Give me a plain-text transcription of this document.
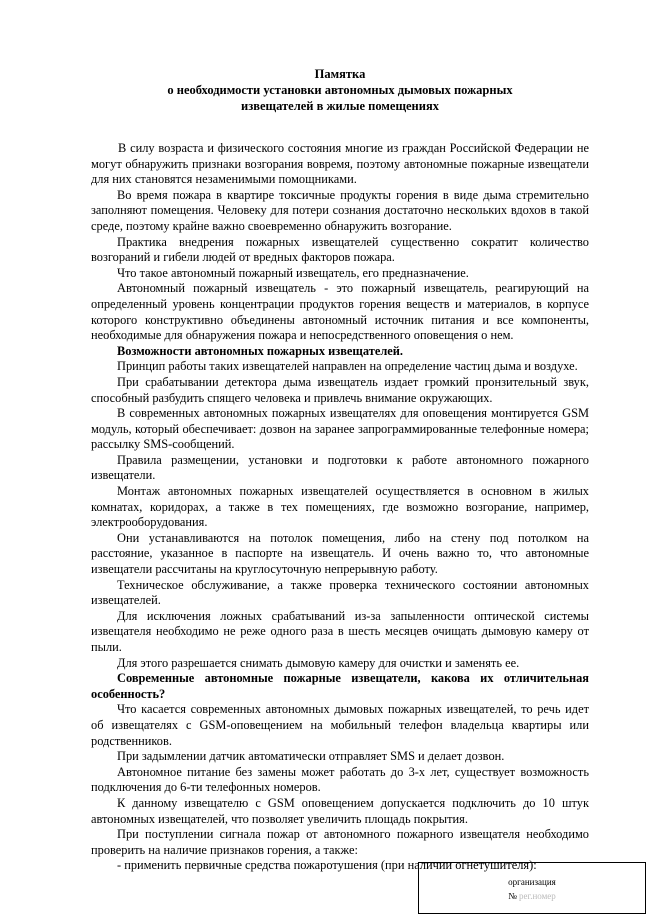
Памятка
о необходимости установки автономных дымовых пожарных
извещателей в жилые помещениях

В силу возраста и физического состояния многие из граждан Российской Федерации не могут обнаружить признаки возгорания вовремя, поэтому автономные пожарные извещатели для них становятся незаменимыми помощниками.

Во время пожара в квартире токсичные продукты горения в виде дыма стремительно заполняют помещения. Человеку для потери сознания достаточно нескольких вдохов в такой среде, поэтому крайне важно своевременно обнаружить возгорание.

Практика внедрения пожарных извещателей существенно сократит количество возгораний и гибели людей от вредных факторов пожара.

Что такое автономный пожарный извещатель, его предназначение.

Автономный пожарный извещатель - это пожарный извещатель, реагирующий на определенный уровень концентрации продуктов горения веществ и материалов, в корпусе которого конструктивно объединены автономный источник питания и все компоненты, необходимые для обнаружения пожара и непосредственного оповещения о нем.

Возможности автономных пожарных извещателей.

Принцип работы таких извещателей направлен на определение частиц дыма и воздухе.

При срабатывании детектора дыма извещатель издает громкий пронзительный звук, способный разбудить спящего человека и привлечь внимание окружающих.

В современных автономных пожарных извещателях для оповещения монтируется GSM модуль, который обеспечивает: дозвон на заранее запрограммированные телефонные номера; рассылку SMS-сообщений.

Правила размещении, установки и подготовки к работе автономного пожарного извещатели.

Монтаж автономных пожарных извещателей осуществляется в основном в жилых комнатах, коридорах, а также в тех помещениях, где возможно возгорание, например, электрооборудования.

Они устанавливаются на потолок помещения, либо на стену под потолком на расстояние, указанное в паспорте на извещатель. И очень важно то, что автономные извещатели рассчитаны на круглосуточную непрерывную работу.

Техническое обслуживание, а также проверка технического состоянии автономных извещателей.

Для исключения ложных срабатываний из-за запыленности оптической системы извещателя необходимо не реже одного раза в шесть месяцев очищать дымовую камеру от пыли.

Для этого разрешается снимать дымовую камеру для очистки и заменять ее.

Современные автономные пожарные извещатели, какова их отличительная особенность?

Что касается современных автономных дымовых пожарных извещателей, то речь идет об извещателях с GSM-оповещением на мобильный телефон владельца квартиры или родственников.

При задымлении датчик автоматически отправляет SMS и делает дозвон.

Автономное питание без замены может работать до 3-х лет, существует возможность подключения до 6-ти телефонных номеров.

К данному извещателю с GSM оповещением допускается подключить до 10 штук автономных извещателей, что позволяет увеличить площадь покрытия.

При поступлении сигнала пожар от автономного пожарного извещателя необходимо проверить на наличие признаков горения, а также:

- применить первичные средства пожаротушения (при наличии огнетушителя):

организация
№ рег.номер
